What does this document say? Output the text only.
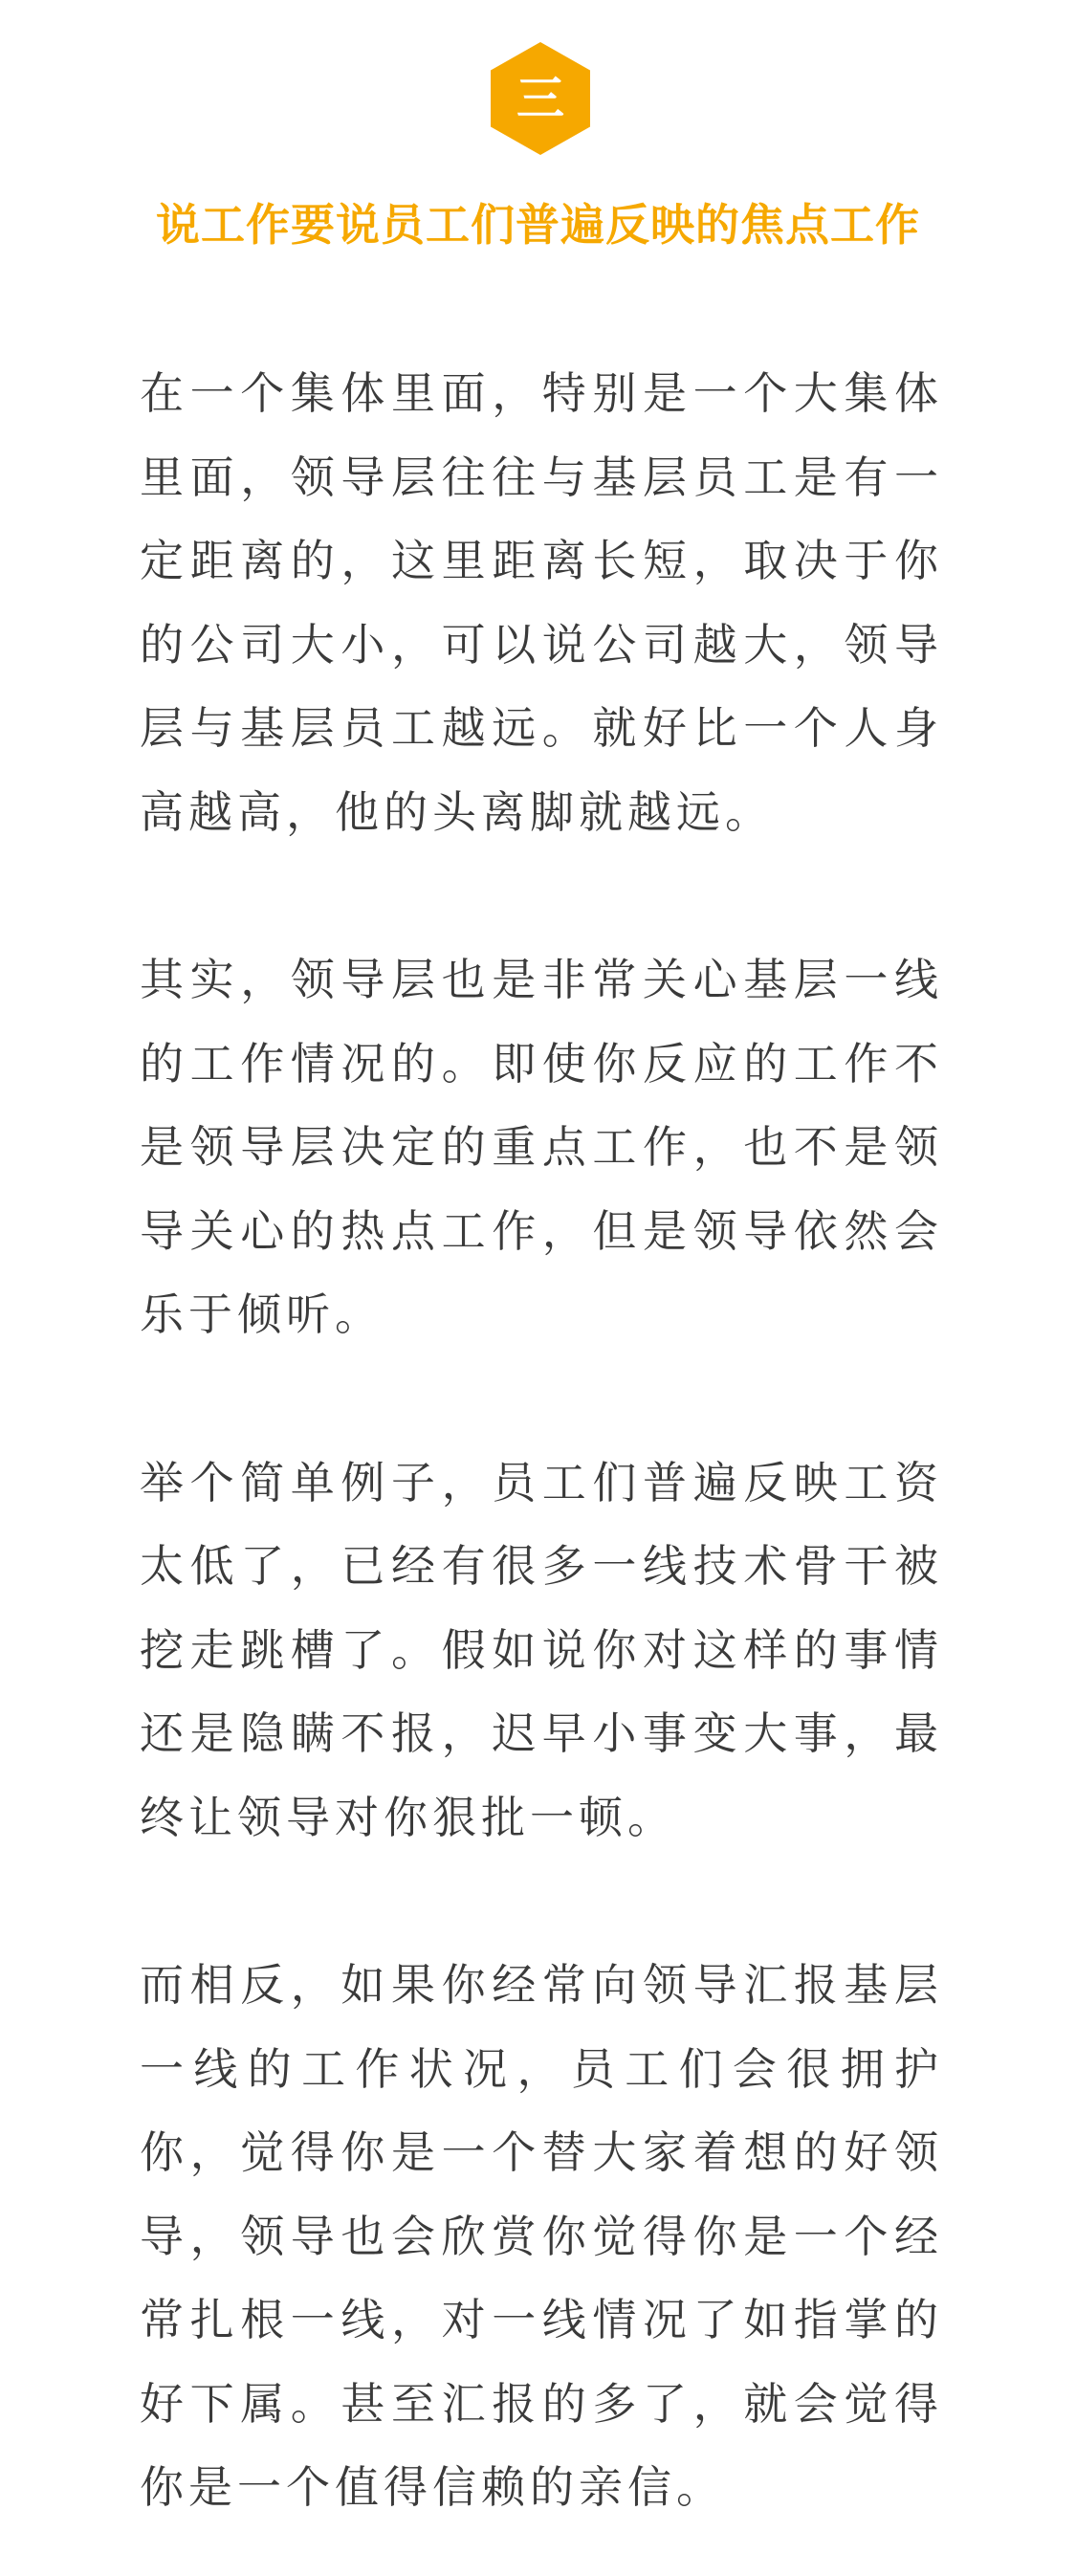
三
说工作要说员工们普遍反映的焦点工作

在一个集体里面，特别是一个大集体里面，领导层往往与基层员工是有一定距离的，这里距离长短，取决于你的公司大小，可以说公司越大，领导层与基层员工越远。就好比一个人身高越高，他的头离脚就越远。

其实，领导层也是非常关心基层一线的工作情况的。即使你反应的工作不是领导层决定的重点工作，也不是领导关心的热点工作，但是领导依然会乐于倾听。

举个简单例子，员工们普遍反映工资太低了，已经有很多一线技术骨干被挖走跳槽了。假如说你对这样的事情还是隐瞒不报，迟早小事变大事，最终让领导对你狠批一顿。

而相反，如果你经常向领导汇报基层一线的工作状况，员工们会很拥护你，觉得你是一个替大家着想的好领导，领导也会欣赏你觉得你是一个经常扎根一线，对一线情况了如指掌的好下属。甚至汇报的多了，就会觉得你是一个值得信赖的亲信。
